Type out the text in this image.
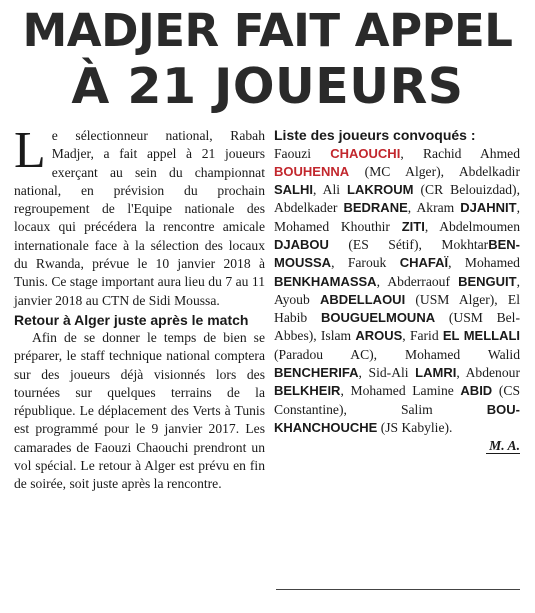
MADJER FAIT APPEL
À 21 JOUEURS

Le sélectionneur national, Rabah Madjer, a fait appel à 21 joueurs exerçant au sein du championnat national, en prévision du prochain regroupement de l'Equipe nationale des locaux qui précédera la rencontre amicale internationale face à la sélection des locaux du Rwanda, prévue le 10 janvier 2018 à Tunis. Ce stage important aura lieu du 7 au 11 janvier 2018 au CTN de Sidi Moussa.

Retour à Alger juste après le match

Afin de se donner le temps de bien se préparer, le staff technique national comptera sur des joueurs déjà visionnés lors des tournées sur quelques terrains de la république. Le déplacement des Verts à Tunis est programmé pour le 9 janvier 2017. Les camarades de Faouzi Chaouchi prendront un vol spécial. Le retour à Alger est prévu en fin de soirée, soit juste après la rencontre.

Liste des joueurs convoqués :

Faouzi CHAOUCHI, Rachid Ahmed BOUHENNA (MC Alger), Abdelkadir SALHI, Ali LAKROUM (CR Belouizdad), Abdelkader BEDRANE, Akram DJAHNIT, Mohamed Khouthir ZITI, Abdelmoumen DJABOU (ES Sétif), MokhtarBEN-MOUSSA, Farouk CHAFAÏ, Mohamed BENKHAMASSA, Abderraouf BENGUIT, Ayoub ABDELLAOUI (USM Alger), El Habib BOUGUELMOUNA (USM Bel-Abbes), Islam AROUS, Farid EL MELLALI (Paradou AC), Mohamed Walid BENCHERIFA, Sid-Ali LAMRI, Abdenour BELKHEIR, Mohamed Lamine ABID (CS Constantine),	Salim	BOU-KHANCHOUCHE (JS Kabylie).

M. A.
